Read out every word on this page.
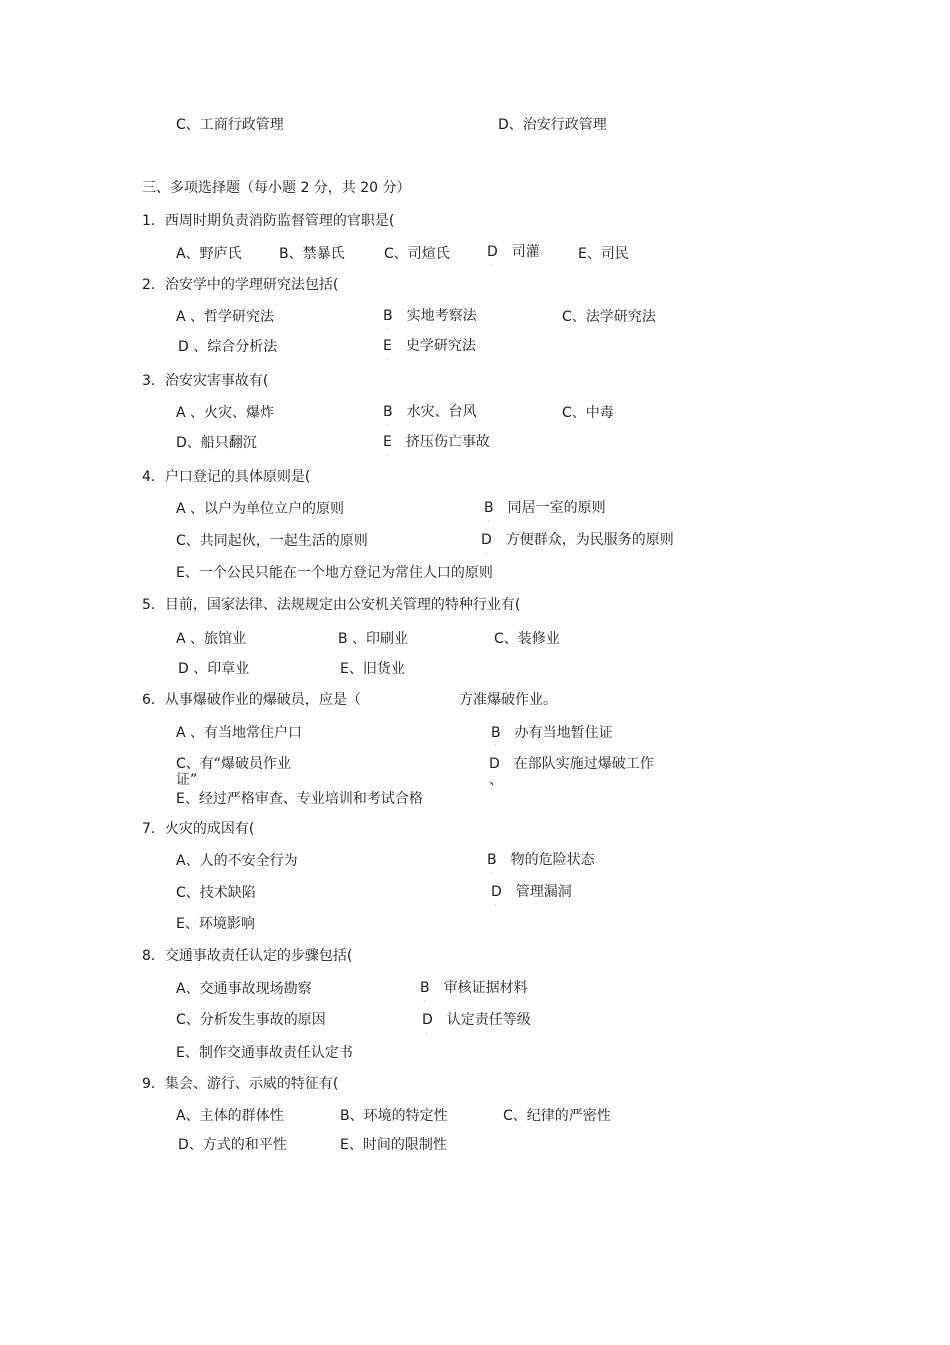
C、工商行政管理	D、治安行政管理
三、多项选择题（每小题 2 分，共 20 分）
1．西周时期负责消防监督管理的官职是(
A、野庐氏	B、禁暴氏	C、司煊氏	D　司灌	E、司民
2．治安学中的学理研究法包括(
A 、哲学研究法	B　实地考察法	C、法学研究法
D 、综合分析法	E　史学研究法
3．治安灾害事故有(
A 、火灾、爆炸	B　水灾、台风	C、中毒
D、船只翻沉	E　挤压伤亡事故
4．户口登记的具体原则是(
A 、以户为单位立户的原则	B　同居一室的原则
C、共同起伙，一起生活的原则	D　方便群众，为民服务的原则
E、一个公民只能在一个地方登记为常住人口的原则
5．目前，国家法律、法规规定由公安机关管理的特种行业有(
A 、旅馆业	B 、印刷业	C、装修业
D 、印章业	E、旧货业
6．从事爆破作业的爆破员，应是（	方准爆破作业。
A 、有当地常住户口	B　办有当地暂住证
C、有“爆破员作业
证”
D　在部队实施过爆破工作
、
E、经过严格审查、专业培训和考试合格
7．火灾的成因有(
A、人的不安全行为	B　物的危险状态
C、技术缺陷	D　管理漏洞
E、环境影响
8．交通事故责任认定的步骤包括(
A、交通事故现场勘察	B　审核证据材料
C、分析发生事故的原因	D　认定责任等级
E、制作交通事故责任认定书
9．集会、游行、示威的特征有(
A、主体的群体性	B、环境的特定性	C、纪律的严密性
D、方式的和平性	E、时间的限制性
·
·
·
·
·
·
·
·
·
·
·
·
